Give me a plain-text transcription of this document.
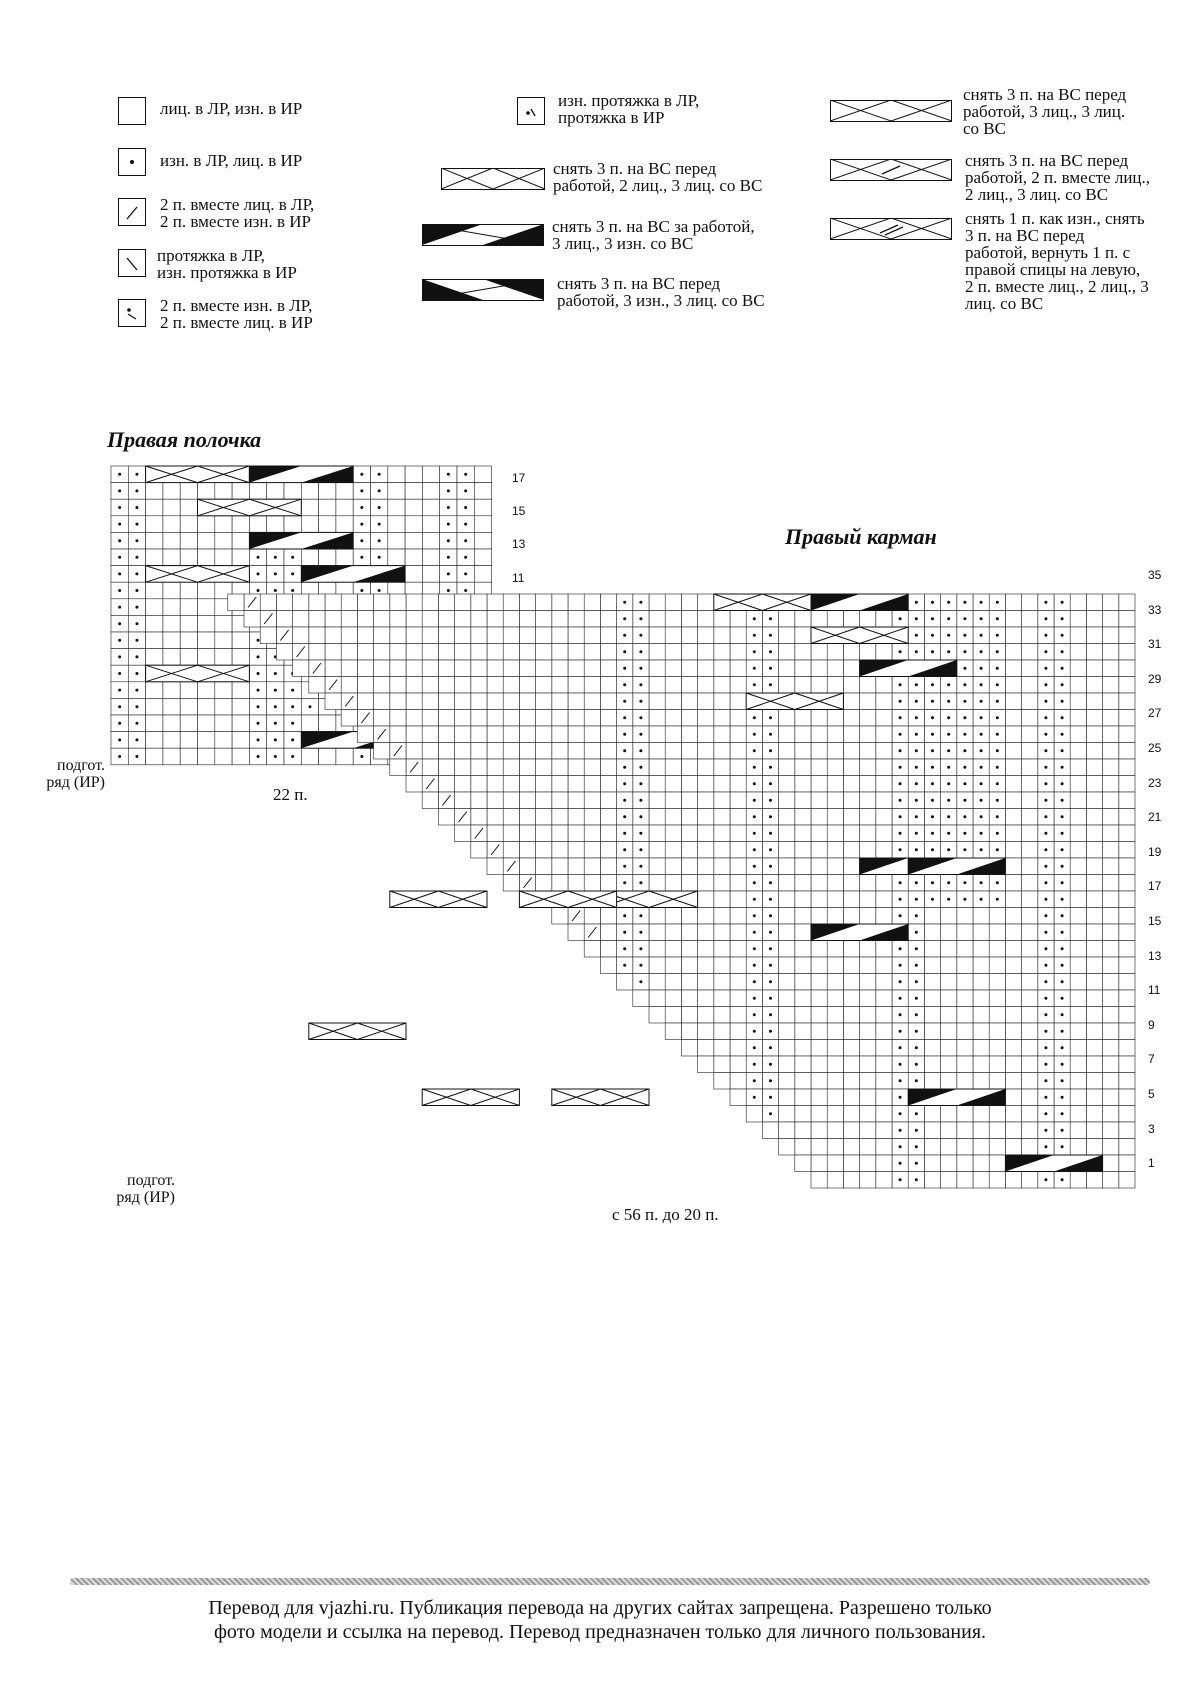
лиц. в ЛР, изн. в ИР
изн. в ЛР, лиц. в ИР
2 п. вместе лиц. в ЛР,
2 п. вместе изн. в ИР
протяжка в ЛР,
изн. протяжка в ИР
2 п. вместе изн. в ЛР,
2 п. вместе лиц. в ИР
изн. протяжка в ЛР,
протяжка в ИР
снять 3 п. на ВС перед
работой, 2 лиц., 3 лиц. со ВС
снять 3 п. на ВС за работой,
3 лиц., 3 изн. со ВС
снять 3 п. на ВС перед
работой, 3 изн., 3 лиц. со ВС
снять 3 п. на ВС перед
работой, 3 лиц., 3 лиц.
со ВС
снять 3 п. на ВС перед
работой, 2 п. вместе лиц.,
2 лиц., 3 лиц. со ВС
снять 1 п. как изн., снять
3 п. на ВС перед
работой, вернуть 1 п. с
правой спицы на левую,
2 п. вместе лиц., 2 лиц., 3
лиц. со ВС
Правая полочка
17
15
13
11
подгот.
ряд (ИР)
22 п.
Правый карман
35
33
31
29
27
25
23
21
19
17
15
13
11
9
7
5
3
1
подгот.
ряд (ИР)
с 56 п. до 20 п.
Перевод для vjazhi.ru. Публикация перевода на других сайтах запрещена. Разрешено только
фото модели и ссылка на перевод. Перевод предназначен только для личного пользования.
